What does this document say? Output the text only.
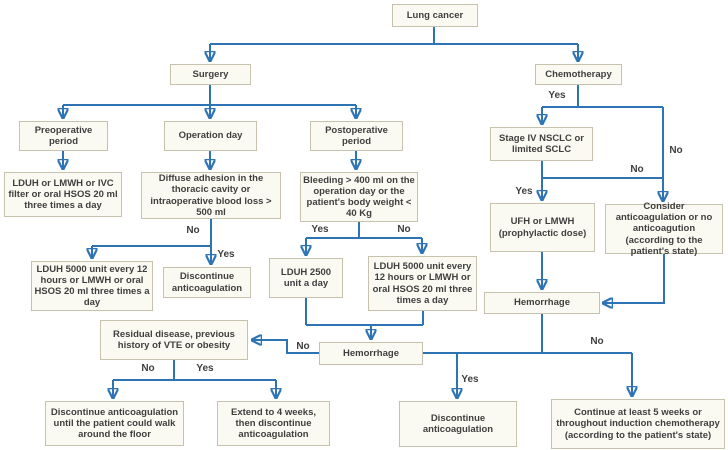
Lung cancer
Surgery	Chemotherapy
Preoperative period
Operation day
Postoperative period
LDUH or LMWH or IVC filter or oral HSOS 20 ml three times a day
Diffuse adhesion in the thoracic cavity or intraoperative blood loss > 500 ml
Bleeding > 400 ml on the operation day or the patient's body weight < 40 Kg
Stage IV NSCLC or limited SCLC
LDUH 5000 unit every 12 hours or LMWH or oral HSOS 20 ml three times a day
Discontinue anticoagulation
LDUH 2500 unit a day
LDUH 5000 unit every 12 hours or LMWH or oral HSOS 20 ml three times a day
UFH or LMWH (prophylactic dose)
Consider anticoagulation or no anticoagution (according to the patient's state)
Residual disease, previous history of VTE or obesity
Hemorrhage
Hemorrhage
Discontinue anticoagulation until the patient could walk around the floor
Extend to 4 weeks, then discontinue anticoagulation
Discontinue anticoagulation
Continue at least 5 weeks or throughout induction chemotherapy (according to the patient's state)
Yes
No
Yes
No
No
Yes
Yes	No
No
No	Yes
Yes
No
